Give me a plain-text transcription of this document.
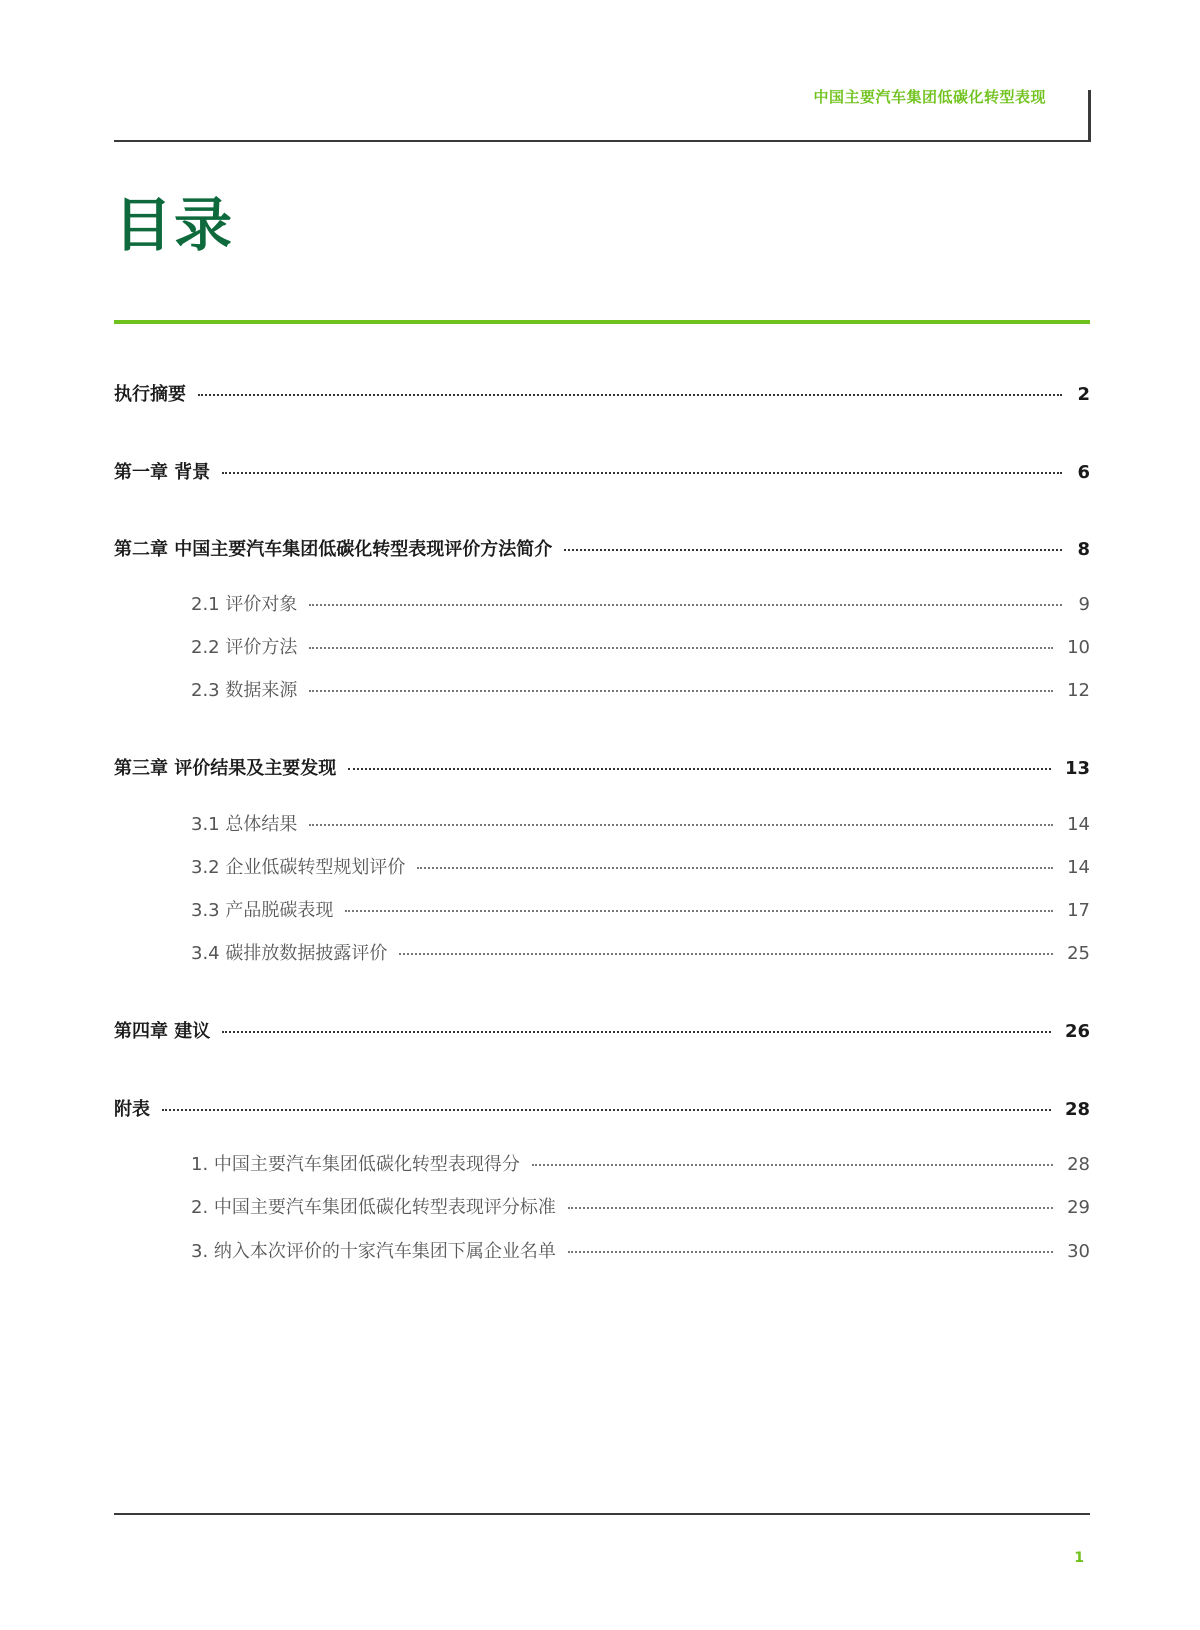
中国主要汽车集团低碳化转型表现
目录
执行摘要	2
第一章 背景	6
第二章 中国主要汽车集团低碳化转型表现评价方法简介	8
2.1 评价对象	9
2.2 评价方法	10
2.3 数据来源	12
第三章 评价结果及主要发现	13
3.1 总体结果	14
3.2 企业低碳转型规划评价	14
3.3 产品脱碳表现	17
3.4 碳排放数据披露评价	25
第四章 建议	26
附表	28
1. 中国主要汽车集团低碳化转型表现得分	28
2. 中国主要汽车集团低碳化转型表现评分标准	29
3. 纳入本次评价的十家汽车集团下属企业名单	30
1
